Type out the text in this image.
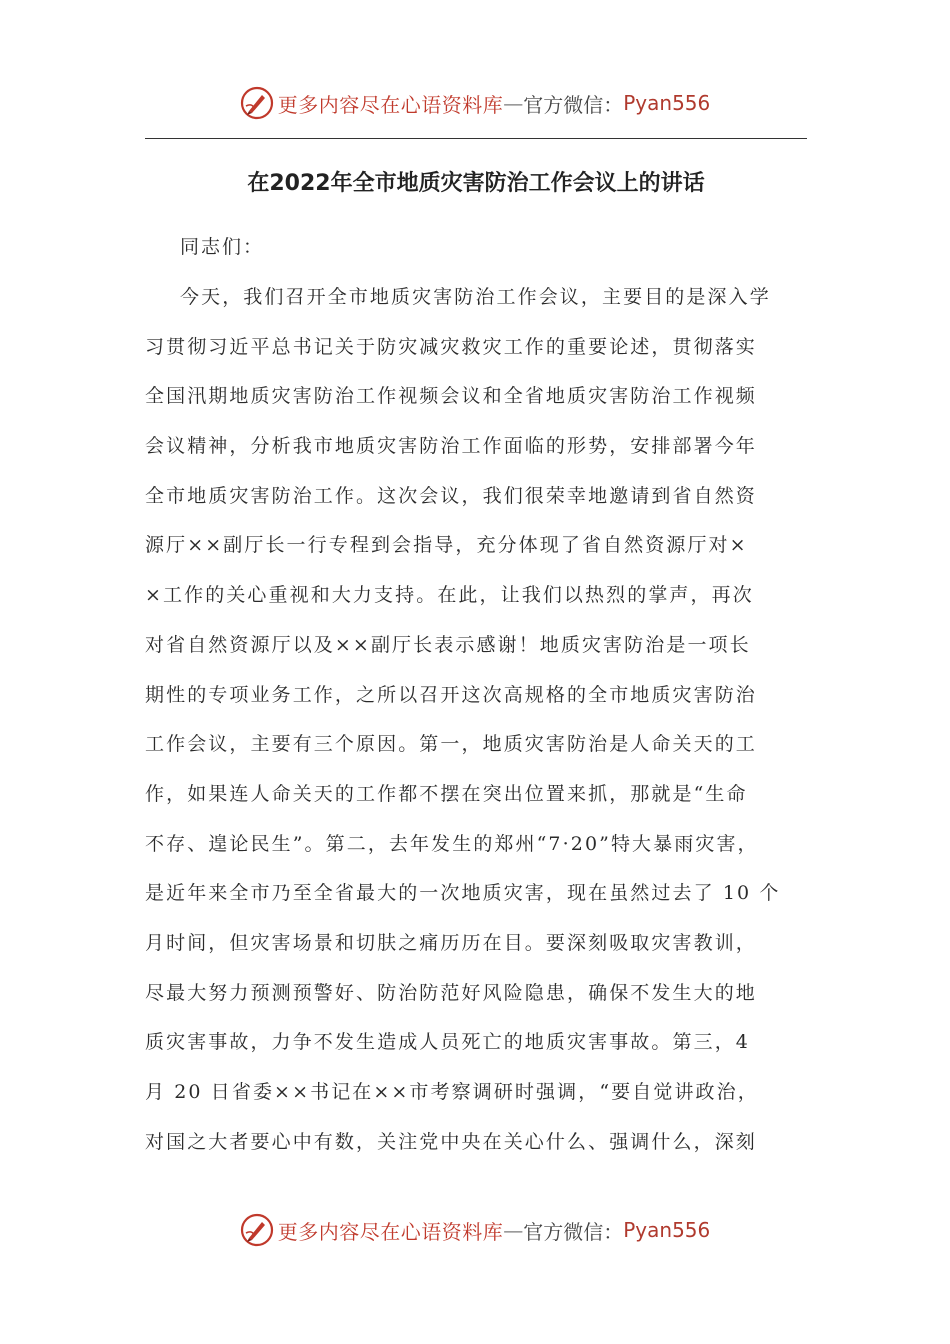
更多内容尽在心语资料库 — 官方微信： Pyan556
在2022年全市地质灾害防治工作会议上的讲话
同志们：
今天，我们召开全市地质灾害防治工作会议，主要目的是深入学
习贯彻习近平总书记关于防灾减灾救灾工作的重要论述，贯彻落实
全国汛期地质灾害防治工作视频会议和全省地质灾害防治工作视频
会议精神，分析我市地质灾害防治工作面临的形势，安排部署今年
全市地质灾害防治工作。这次会议，我们很荣幸地邀请到省自然资
源厅××副厅长一行专程到会指导，充分体现了省自然资源厅对×
×工作的关心重视和大力支持。在此，让我们以热烈的掌声，再次
对省自然资源厅以及××副厅长表示感谢！地质灾害防治是一项长
期性的专项业务工作，之所以召开这次高规格的全市地质灾害防治
工作会议，主要有三个原因。第一，地质灾害防治是人命关天的工
作，如果连人命关天的工作都不摆在突出位置来抓，那就是“生命
不存、遑论民生”。第二，去年发生的郑州“7·20”特大暴雨灾害，
是近年来全市乃至全省最大的一次地质灾害，现在虽然过去了 10 个
月时间，但灾害场景和切肤之痛历历在目。要深刻吸取灾害教训，
尽最大努力预测预警好、防治防范好风险隐患，确保不发生大的地
质灾害事故，力争不发生造成人员死亡的地质灾害事故。第三，4
月 20 日省委××书记在××市考察调研时强调，“要自觉讲政治，
对国之大者要心中有数，关注党中央在关心什么、强调什么，深刻
更多内容尽在心语资料库 — 官方微信： Pyan556
